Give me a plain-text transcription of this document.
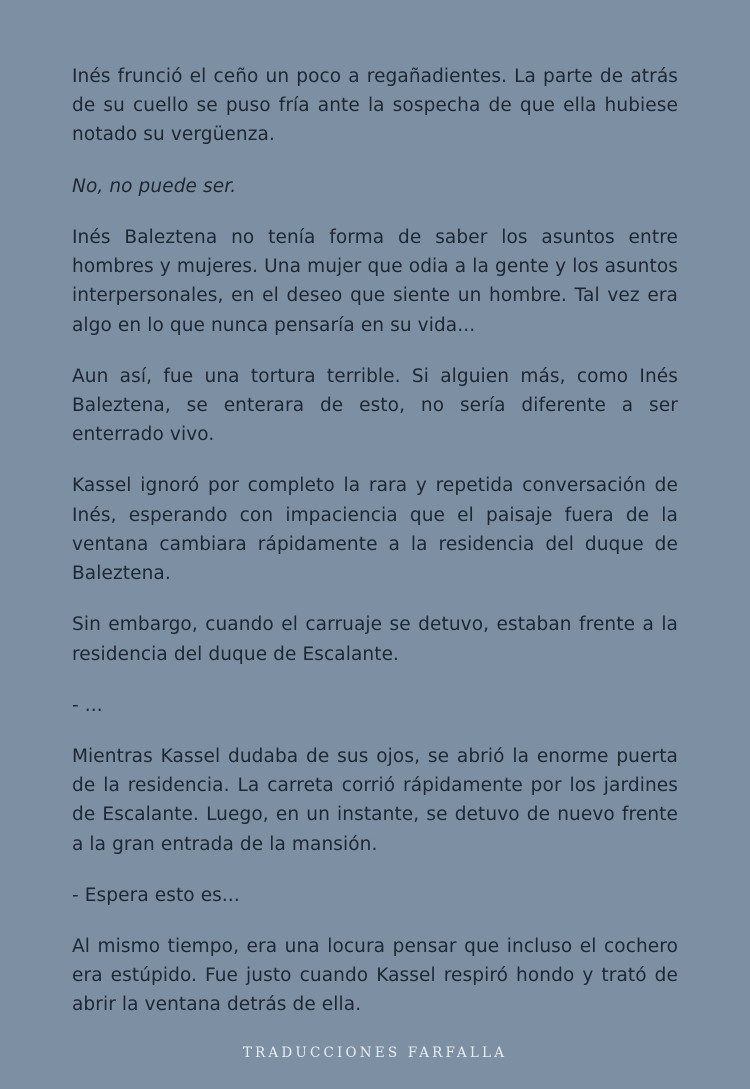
Inés frunció el ceño un poco a regañadientes. La parte de atrás de su cuello se puso fría ante la sospecha de que ella hubiese notado su vergüenza.

No, no puede ser.

Inés Baleztena no tenía forma de saber los asuntos entre hombres y mujeres. Una mujer que odia a la gente y los asuntos interpersonales, en el deseo que siente un hombre. Tal vez era algo en lo que nunca pensaría en su vida...

Aun así, fue una tortura terrible. Si alguien más, como Inés Baleztena, se enterara de esto, no sería diferente a ser enterrado vivo.

Kassel ignoró por completo la rara y repetida conversación de Inés, esperando con impaciencia que el paisaje fuera de la ventana cambiara rápidamente a la residencia del duque de Baleztena.

Sin embargo, cuando el carruaje se detuvo, estaban frente a la residencia del duque de Escalante.

- ...

Mientras Kassel dudaba de sus ojos, se abrió la enorme puerta de la residencia. La carreta corrió rápidamente por los jardines de Escalante. Luego, en un instante, se detuvo de nuevo frente a la gran entrada de la mansión.

- Espera esto es...

Al mismo tiempo, era una locura pensar que incluso el cochero era estúpido. Fue justo cuando Kassel respiró hondo y trató de abrir la ventana detrás de ella.

TRADUCCIONES FARFALLA
